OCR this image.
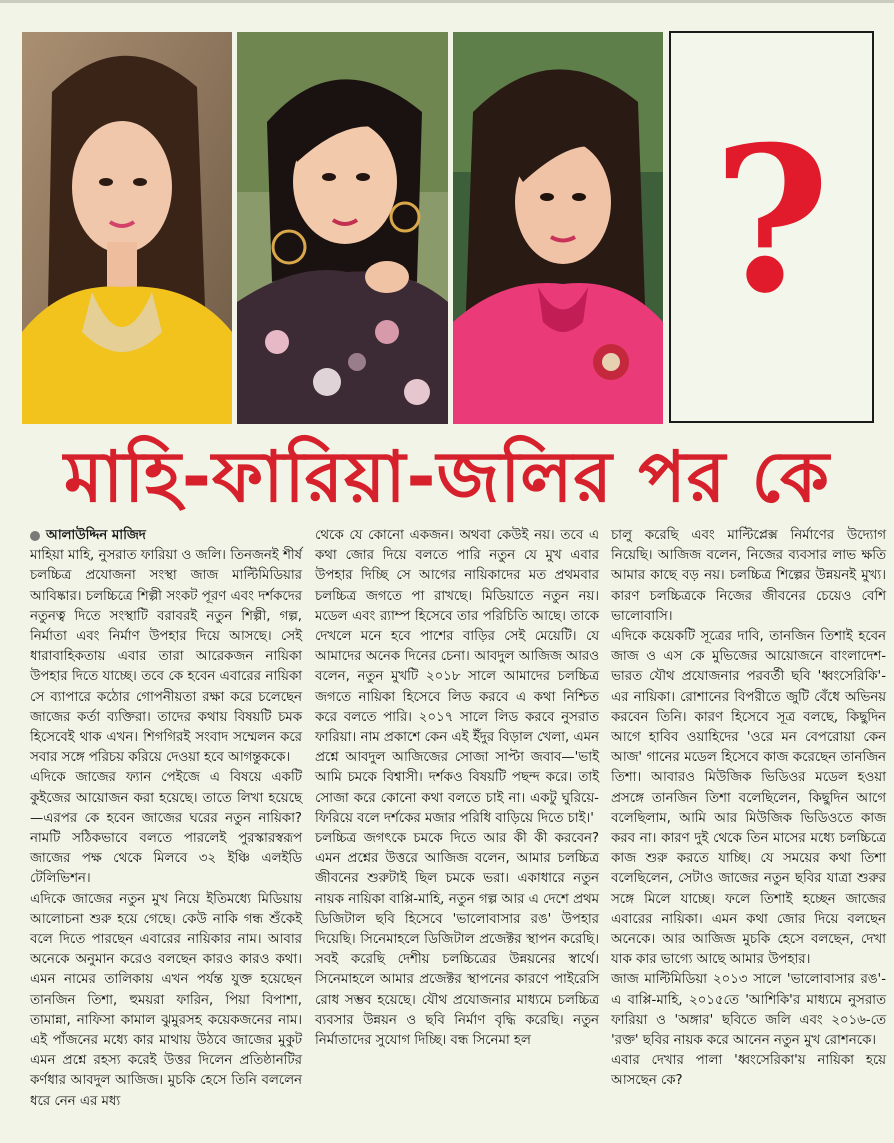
?
মাহি-ফারিয়া-জলির পর কে
আলাউদ্দিন মাজিদ

মাহিয়া মাহি, নুসরাত ফারিয়া ও জলি। তিনজনই শীর্ষ চলচ্চিত্র প্রযোজনা সংস্থা জাজ মাল্টিমিডিয়ার আবিষ্কার। চলচ্চিত্রে শিল্পী সংকট পূরণ এবং দর্শকদের নতুনত্ব দিতে সংস্থাটি বরাবরই নতুন শিল্পী, গল্প, নির্মাতা এবং নির্মাণ উপহার দিয়ে আসছে। সেই ধারাবাহিকতায় এবার তারা আরেকজন নায়িকা উপহার দিতে যাচ্ছে। তবে কে হবেন এবারের নায়িকা সে ব্যাপারে কঠোর গোপনীয়তা রক্ষা করে চলেছেন জাজের কর্তা ব্যক্তিরা। তাদের কথায় বিষয়টি চমক হিসেবেই থাক এখন। শিগগিরই সংবাদ সম্মেলন করে সবার সঙ্গে পরিচয় করিয়ে দেওয়া হবে আগন্তুককে।

এদিকে জাজের ফ্যান পেইজে এ বিষয়ে একটি কুইজের আয়োজন করা হয়েছে। তাতে লিখা হয়েছে—এরপর কে হবেন জাজের ঘরের নতুন নায়িকা? নামটি সঠিকভাবে বলতে পারলেই পুরস্কারস্বরূপ জাজের পক্ষ থেকে মিলবে ৩২ ইঞ্চি এলইডি টেলিভিশন।

এদিকে জাজের নতুন মুখ নিয়ে ইতিমধ্যে মিডিয়ায় আলোচনা শুরু হয়ে গেছে। কেউ নাকি গন্ধ শুঁকেই বলে দিতে পারছেন এবারের নায়িকার নাম। আবার অনেকে অনুমান করেও বলছেন কারও কারও কথা। এমন নামের তালিকায় এখন পর্যন্ত যুক্ত হয়েছেন তানজিন তিশা, হুময়রা ফারিন, পিয়া বিপাশা, তামান্না, নাফিসা কামাল ঝুমুরসহ কয়েকজনের নাম। এই পাঁজনের মধ্যে কার মাথায় উঠবে জাজের মুকুট এমন প্রশ্নে রহস্য করেই উত্তর দিলেন প্রতিষ্ঠানটির কর্ণধার আবদুল আজিজ। মুচকি হেসে তিনি বললেন ধরে নেন এর মধ্য

থেকে যে কোনো একজন। অথবা কেউই নয়। তবে এ কথা জোর দিয়ে বলতে পারি নতুন যে মুখ এবার উপহার দিচ্ছি সে আগের নায়িকাদের মত প্রথমবার চলচ্চিত্র জগতে পা রাখছে। মিডিয়াতে নতুন নয়। মডেল এবং র‌্যাম্প হিসেবে তার পরিচিতি আছে। তাকে দেখলে মনে হবে পাশের বাড়ির সেই মেয়েটি। যে আমাদের অনেক দিনের চেনা। আবদুল আজিজ আরও বলেন, নতুন মুখটি ২০১৮ সালে আমাদের চলচ্চিত্র জগতে নায়িকা হিসেবে লিড করবে এ কথা নিশ্চিত করে বলতে পারি। ২০১৭ সালে লিড করবে নুসরাত ফারিয়া। নাম প্রকাশে কেন এই ইঁদুর বিড়াল খেলা, এমন প্রশ্নে আবদুল আজিজের সোজা সাপ্টা জবাব—'ভাই আমি চমকে বিশ্বাসী। দর্শকও বিষয়টি পছন্দ করে। তাই সোজা করে কোনো কথা বলতে চাই না। একটু ঘুরিয়ে-ফিরিয়ে বলে দর্শকের মজার পরিধি বাড়িয়ে দিতে চাই।'

চলচ্চিত্র জগৎকে চমকে দিতে আর কী কী করবেন? এমন প্রশ্নের উত্তরে আজিজ বলেন, আমার চলচ্চিত্র জীবনের শুরুটাই ছিল চমকে ভরা। একাধারে নতুন নায়ক নায়িকা বাপ্পি-মাহি, নতুন গল্প আর এ দেশে প্রথম ডিজিটাল ছবি হিসেবে 'ভালোবাসার রঙ' উপহার দিয়েছি। সিনেমাহলে ডিজিটাল প্রজেক্টর স্থাপন করেছি। সবই করেছি দেশীয় চলচ্চিত্রের উন্নয়নের স্বার্থে। সিনেমাহলে আমার প্রজেক্টর স্থাপনের কারণে পাইরেসি রোধ সম্ভব হয়েছে। যৌথ প্রযোজনার মাধ্যমে চলচ্চিত্র ব্যবসার উন্নয়ন ও ছবি নির্মাণ বৃদ্ধি করেছি। নতুন নির্মাতাদের সুযোগ দিচ্ছি। বন্ধ সিনেমা হল

চালু করেছি এবং মাল্টিপ্লেক্স নির্মাণের উদ্যোগ নিয়েছি। আজিজ বলেন, নিজের ব্যবসার লাভ ক্ষতি আমার কাছে বড় নয়। চলচ্চিত্র শিল্পের উন্নয়নই মুখ্য। কারণ চলচ্চিত্রকে নিজের জীবনের চেয়েও বেশি ভালোবাসি।

এদিকে কয়েকটি সূত্রের দাবি, তানজিন তিশাই হবেন জাজ ও এস কে মুভিজের আয়োজনে বাংলাদেশ-ভারত যৌথ প্রযোজনার পরবর্তী ছবি 'ধ্বংসেরিকি'-এর নায়িকা। রোশানের বিপরীতে জুটি বেঁধে অভিনয় করবেন তিনি। কারণ হিসেবে সূত্র বলছে, কিছুদিন আগে হাবিব ওয়াহিদের 'ওরে মন বেপরোয়া কেন আজ' গানের মডেল হিসেবে কাজ করেছেন তানজিন তিশা। আবারও মিউজিক ভিডিওর মডেল হওয়া প্রসঙ্গে তানজিন তিশা বলেছিলেন, কিছুদিন আগে বলেছিলাম, আমি আর মিউজিক ভিডিওতে কাজ করব না। কারণ দুই থেকে তিন মাসের মধ্যে চলচ্চিত্রে কাজ শুরু করতে যাচ্ছি। যে সময়ের কথা তিশা বলেছিলেন, সেটাও জাজের নতুন ছবির যাত্রা শুরুর সঙ্গে মিলে যাচ্ছে। ফলে তিশাই হচ্ছেন জাজের এবারের নায়িকা। এমন কথা জোর দিয়ে বলছেন অনেকে। আর আজিজ মুচকি হেসে বলছেন, দেখা যাক কার ভাগ্যে আছে আমার উপহার।

জাজ মাল্টিমিডিয়া ২০১৩ সালে 'ভালোবাসার রঙ'-এ বাপ্পি-মাহি, ২০১৫তে 'আশিকি'র মাধ্যমে নুসরাত ফারিয়া ও 'অঙ্গার' ছবিতে জলি এবং ২০১৬-তে 'রক্ত' ছবির নায়ক করে আনেন নতুন মুখ রোশনকে।

এবার দেখার পালা 'ধ্বংসেরিকা'য় নায়িকা হয়ে আসছেন কে?
